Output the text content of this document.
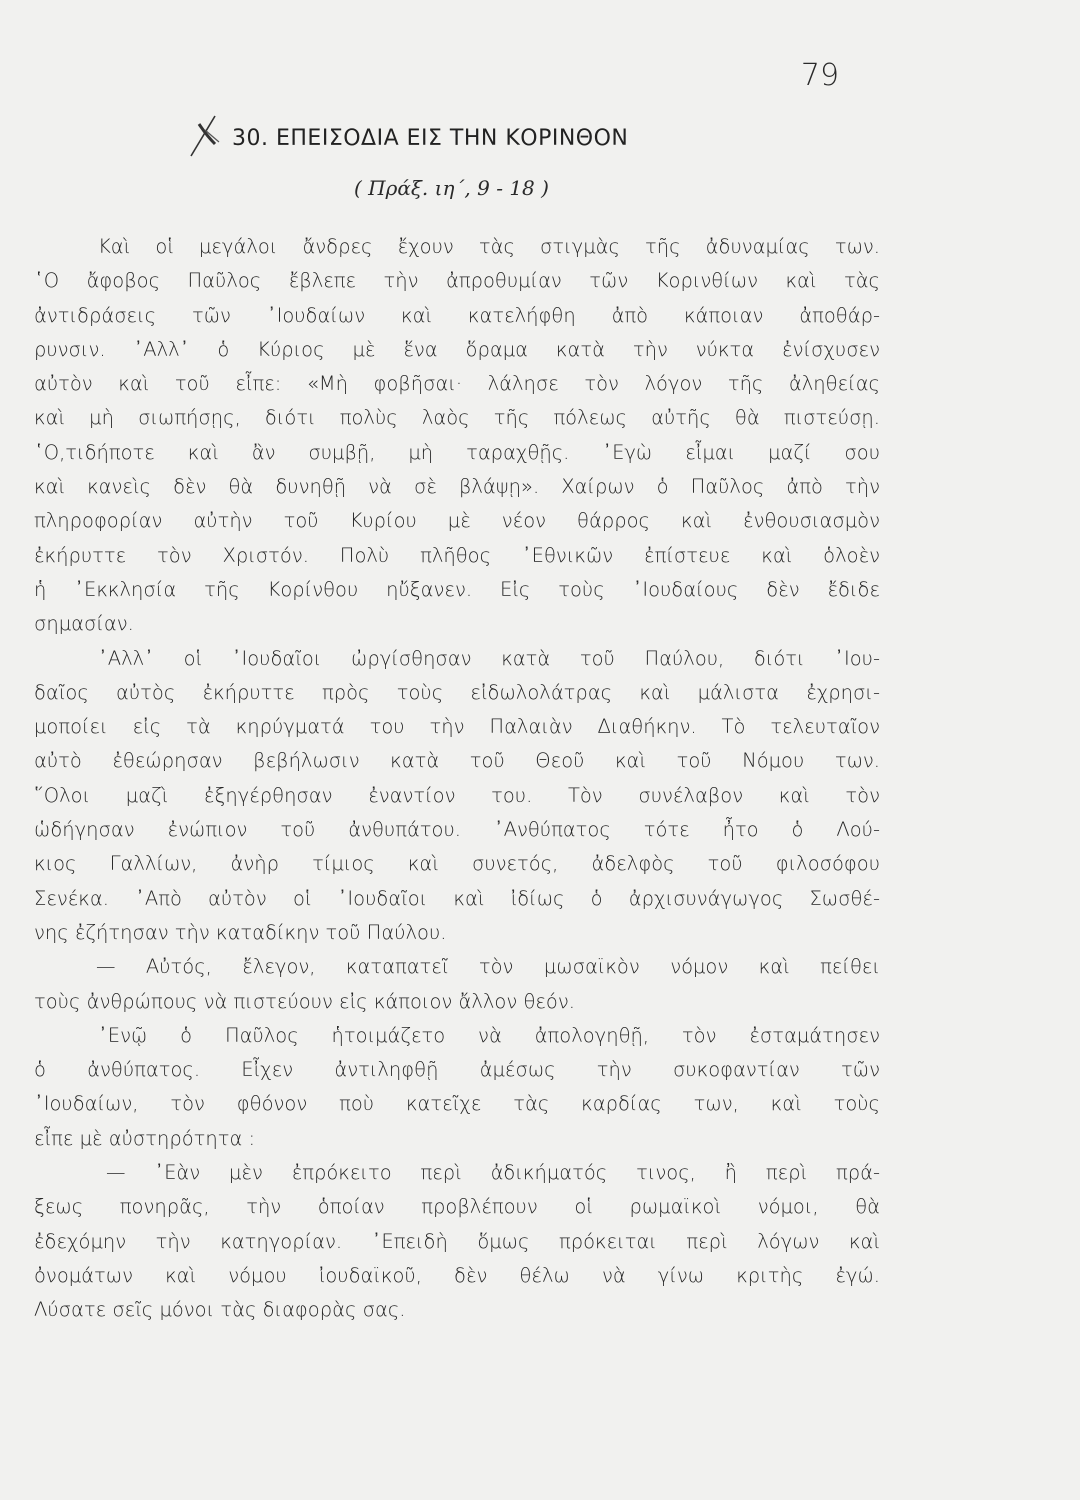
79
30. ΕΠΕΙΣΟΔΙΑ ΕΙΣ ΤΗΝ ΚΟΡΙΝΘΟΝ
( Πράξ. ιη΄, 9 - 18 )
Καὶ οἱ μεγάλοι ἄνδρες ἔχουν τὰς στιγμὰς τῆς ἀδυναμίας των.
῾Ο ἄφοβος Παῦλος ἔβλεπε τὴν ἀπροθυμίαν τῶν Κορινθίων καὶ τὰς
ἀντιδράσεις τῶν ᾿Ιουδαίων καὶ κατελήφθη ἀπὸ κάποιαν ἀποθάρ-
ρυνσιν. ᾿Αλλ᾿ ὁ Κύριος μὲ ἕνα ὅραμα κατὰ τὴν νύκτα ἐνίσχυσεν
αὐτὸν καὶ τοῦ εἶπε: «Μὴ φοβῆσαι· λάλησε τὸν λόγον τῆς ἀληθείας
καὶ μὴ σιωπήσῃς, διότι πολὺς λαὸς τῆς πόλεως αὐτῆς θὰ πιστεύσῃ.
῾Ο,τιδήποτε καὶ ἂν συμβῇ, μὴ ταραχθῇς. ᾿Εγὼ εἶμαι μαζί σου
καὶ κανεὶς δὲν θὰ δυνηθῇ νὰ σὲ βλάψῃ». Χαίρων ὁ Παῦλος ἀπὸ τὴν
πληροφορίαν αὐτὴν τοῦ Κυρίου μὲ νέον θάρρος καὶ ἐνθουσιασμὸν
ἐκήρυττε τὸν Χριστόν. Πολὺ πλῆθος ᾿Εθνικῶν ἐπίστευε καὶ ὁλοὲν
ἡ ᾿Εκκλησία τῆς Κορίνθου ηὔξανεν. Εἰς τοὺς ᾿Ιουδαίους δὲν ἔδιδε
σημασίαν.
᾿Αλλ᾿ οἱ ᾿Ιουδαῖοι ὠργίσθησαν κατὰ τοῦ Παύλου, διότι ᾿Ιου-
δαῖος αὐτὸς ἐκήρυττε πρὸς τοὺς εἰδωλολάτρας καὶ μάλιστα ἐχρησι-
μοποίει εἰς τὰ κηρύγματά του τὴν Παλαιὰν Διαθήκην. Τὸ τελευταῖον
αὐτὸ ἐθεώρησαν βεβήλωσιν κατὰ τοῦ Θεοῦ καὶ τοῦ Νόμου των.
῞Ολοι μαζὶ ἐξηγέρθησαν ἐναντίον του. Τὸν συνέλαβον καὶ τὸν
ὡδήγησαν ἐνώπιον τοῦ ἀνθυπάτου. ᾿Ανθύπατος τότε ἦτο ὁ Λού-
κιος Γαλλίων, ἀνὴρ τίμιος καὶ συνετός, ἀδελφὸς τοῦ φιλοσόφου
Σενέκα. ᾿Απὸ αὐτὸν οἱ ᾿Ιουδαῖοι καὶ ἰδίως ὁ ἀρχισυνάγωγος Σωσθέ-
νης ἐζήτησαν τὴν καταδίκην τοῦ Παύλου.
— Αὐτός, ἔλεγον, καταπατεῖ τὸν μωσαϊκὸν νόμον καὶ πείθει
τοὺς ἀνθρώπους νὰ πιστεύουν εἰς κάποιον ἄλλον θεόν.
᾿Ενῷ ὁ Παῦλος ἡτοιμάζετο νὰ ἀπολογηθῇ, τὸν ἐσταμάτησεν
ὁ ἀνθύπατος. Εἶχεν ἀντιληφθῇ ἀμέσως τὴν συκοφαντίαν τῶν
᾿Ιουδαίων, τὸν φθόνον ποὺ κατεῖχε τὰς καρδίας των, καὶ τοὺς
εἶπε μὲ αὐστηρότητα :
— ᾿Εὰν μὲν ἐπρόκειτο περὶ ἀδικήματός τινος, ἢ περὶ πρά-
ξεως πονηρᾶς, τὴν ὁποίαν προβλέπουν οἱ ρωμαϊκοὶ νόμοι, θὰ
ἐδεχόμην τὴν κατηγορίαν. ᾿Επειδὴ ὅμως πρόκειται περὶ λόγων καὶ
ὀνομάτων καὶ νόμου ἰουδαϊκοῦ, δὲν θέλω νὰ γίνω κριτὴς ἐγώ.
Λύσατε σεῖς μόνοι τὰς διαφορὰς σας.
